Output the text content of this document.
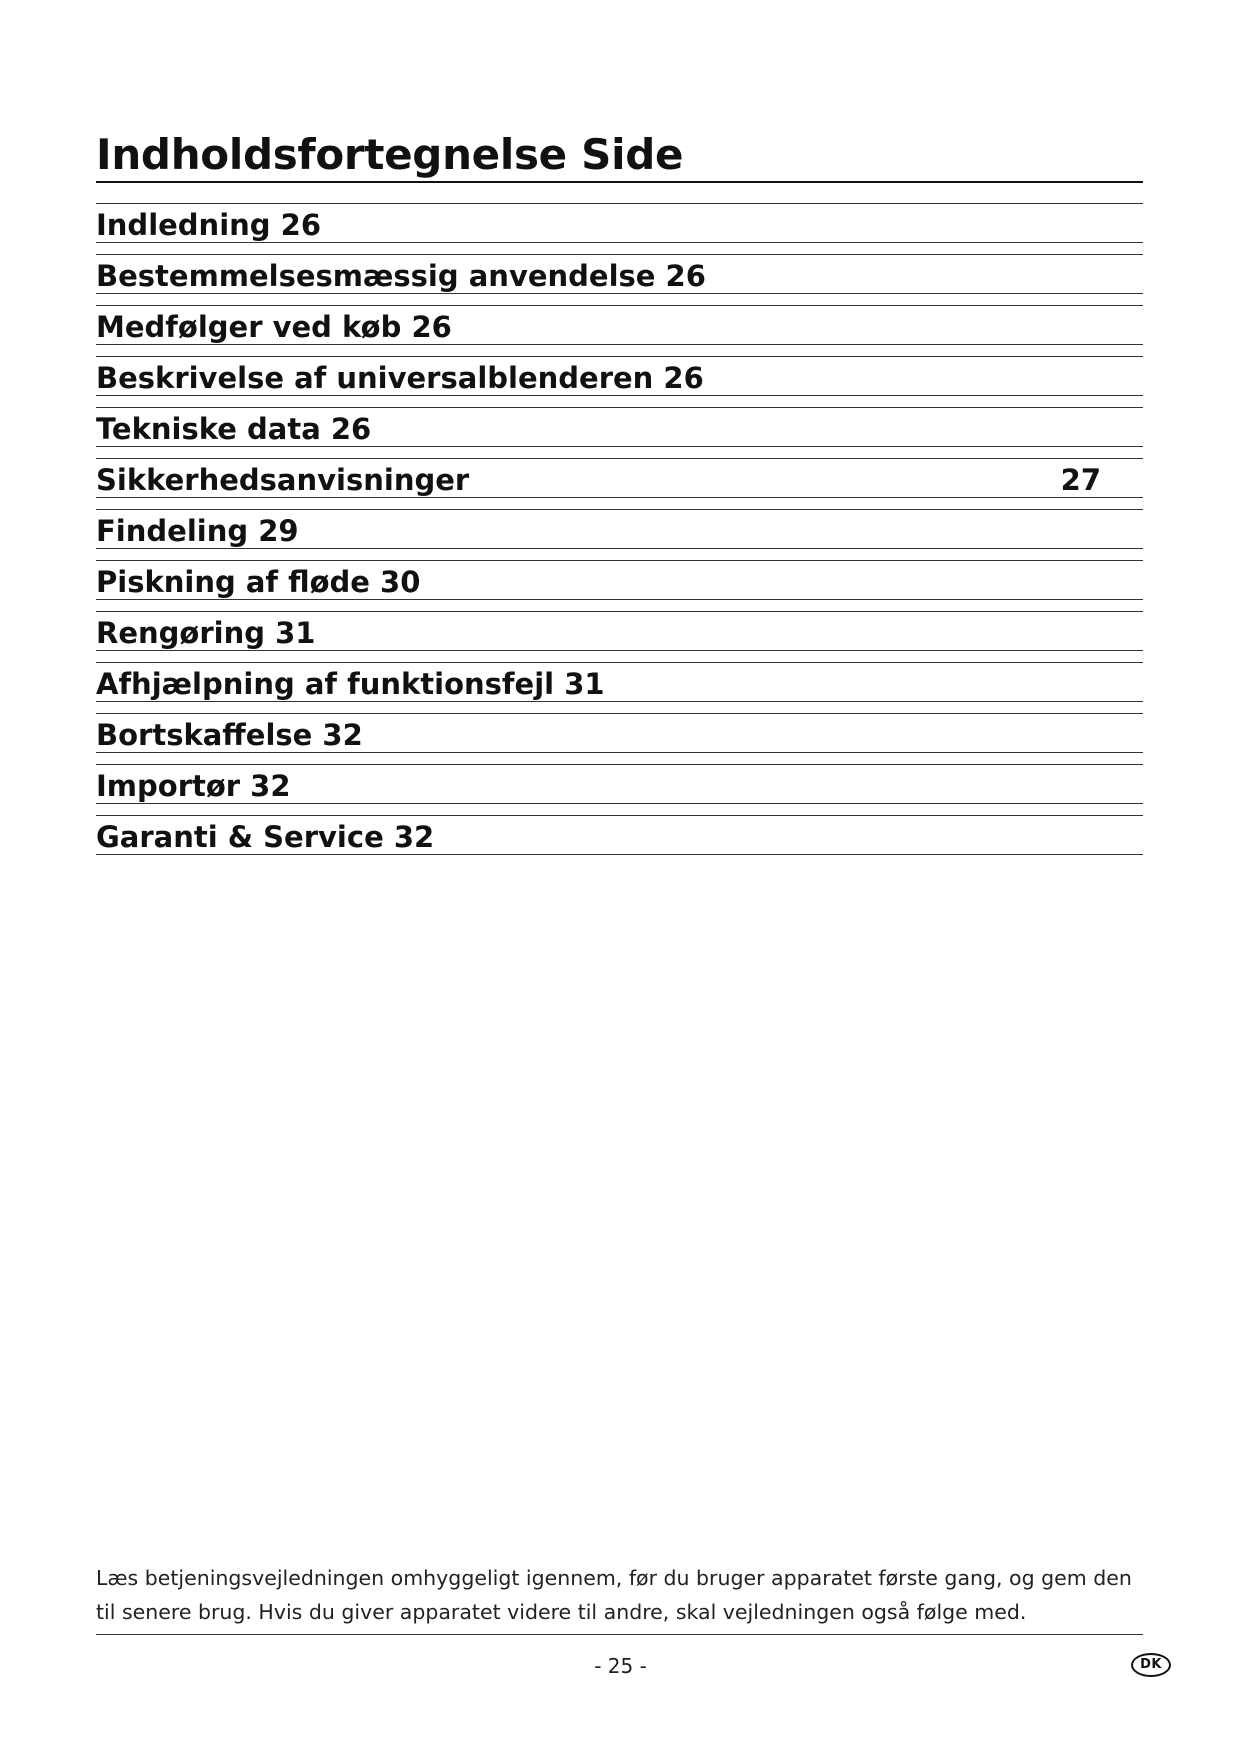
Indholdsfortegnelse Side
Indledning 26
Bestemmelsesmæssig anvendelse 26
Medfølger ved køb 26
Beskrivelse af universalblenderen 26
Tekniske data 26
Sikkerhedsanvisninger	27
Findeling 29
Piskning af fløde 30
Rengøring 31
Afhjælpning af funktionsfejl 31
Bortskaffelse 32
Importør 32
Garanti & Service 32

Læs betjeningsvejledningen omhyggeligt igennem, før du bruger apparatet første gang, og gem den til senere brug. Hvis du giver apparatet videre til andre, skal vejledningen også følge med.

- 25 -	DK
